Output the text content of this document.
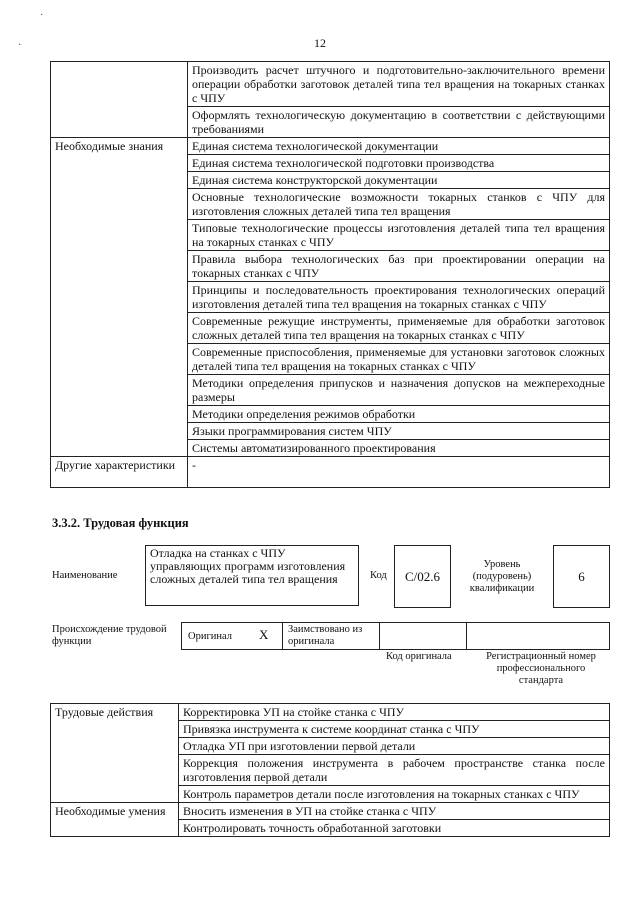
·
·	12
	Производить расчет штучного и подготовительно-заключительного времени операции обработки заготовок деталей типа тел вращения на токарных станках с ЧПУ
	Оформлять технологическую документацию в соответствии с действующими требованиями
Необходимые знания	Единая система технологической документации
	Единая система технологической подготовки производства
	Единая система конструкторской документации
	Основные технологические возможности токарных станков с ЧПУ для изготовления сложных деталей типа тел вращения
	Типовые технологические процессы изготовления деталей типа тел вращения на токарных станках с ЧПУ
	Правила выбора технологических баз при проектировании операции на токарных станках с ЧПУ
	Принципы и последовательность проектирования технологических операций изготовления деталей типа тел вращения на токарных станках с ЧПУ
	Современные режущие инструменты, применяемые для обработки заготовок сложных деталей типа тел вращения на токарных станках с ЧПУ
	Современные приспособления, применяемые для установки заготовок сложных деталей типа тел вращения на токарных станках с ЧПУ
	Методики определения припусков и назначения допусков на межпереходные размеры
	Методики определения режимов обработки
	Языки программирования систем ЧПУ
	Системы автоматизированного проектирования
Другие характеристики	-
3.3.2. Трудовая функция
Наименование
Отладка на станках с ЧПУ управляющих программ изготовления сложных деталей типа тел вращения	Код	С/02.6
Уровень (подуровень) квалификации
6
Происхождение трудовой функции	Оригинал Х Заимствовано из оригинала
Код оригинала	Регистрационный номер профессионального стандарта
Трудовые действия	Корректировка УП на стойке станка с ЧПУ
	Привязка инструмента к системе координат станка с ЧПУ
	Отладка УП при изготовлении первой детали
	Коррекция положения инструмента в рабочем пространстве станка после изготовления первой детали
	Контроль параметров детали после изготовления на токарных станках с ЧПУ
Необходимые умения	Вносить изменения в УП на стойке станка с ЧПУ
	Контролировать точность обработанной заготовки
